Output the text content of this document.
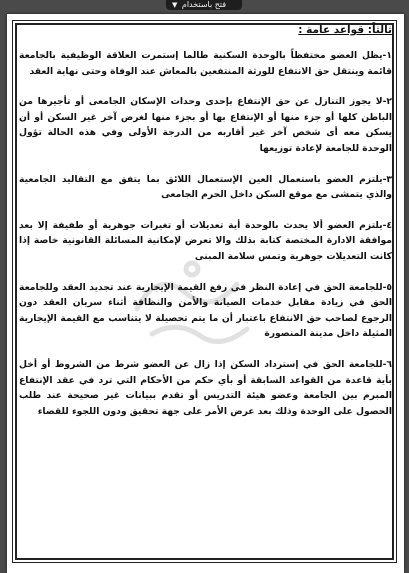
▼ فتح باستخدام
ثالثاً: قواعد عامة :

١-يظل العضو محتفظاً بالوحدة السكنية طالما إستمرت العلاقة الوظيفية بالجامعة قائمة وينتقل حق الانتفاع للورثة المنتفعين بالمعاش عند الوفاة وحتى نهاية العقد

٢-لا يجوز التنازل عن حق الإنتفاع بإحدى وحدات الإسكان الجامعى أو تأجيرها من الباطن كلها أو جزء منها أو الإنتفاع بها أو بجزء منها لغرض آخر غير السكن أو أن يسكن معه أى شخص آخر غير أقاربه من الدرجة الأولى وفي هذه الحالة تؤول الوحدة للجامعة لإعادة توزيعها

٣-يلتزم العضو باستعمال العين الإستعمال اللائق بما يتفق مع التقاليد الجامعية والذي يتمشى مع موقع السكن داخل الحرم الجامعى

٤-يلتزم العضو ألا يحدث بالوحدة أية تعديلات أو تغيرات جوهرية أو طفيفة إلا بعد موافقة الادارة المختصة كتابة بذلك والا تعرض لإمكانية المسائلة القانونية خاصة إذا كانت التعديلات جوهرية وتمس سلامة المبنى

٥-للجامعة الحق في إعادة النظر في رفع القيمة الإيجارية عند تجديد العقد وللجامعة الحق في زيادة مقابل خدمات الصيانة والأمن والنظافة أثناء سريان العقد دون الرجوع لصاحب حق الانتفاع باعتبار أن ما يتم تحصيلة لا يتناسب مع القيمة الإيجارية المثيلة داخل مدينة المنصورة

٦-للجامعة الحق في إسترداد السكن إذا زال عن العضو شرط من الشروط أو أخل بأية قاعدة من القواعد السابقة أو بأي حكم من الأحكام التي ترد في عقد الإنتفاع المبرم بين الجامعة وعضو هيئة التدريس أو تقدم ببيانات غير صحيحة عند طلب الحصول على الوحدة وذلك بعد عرض الأمر على جهة تحقيق ودون اللجوء للقضاء
